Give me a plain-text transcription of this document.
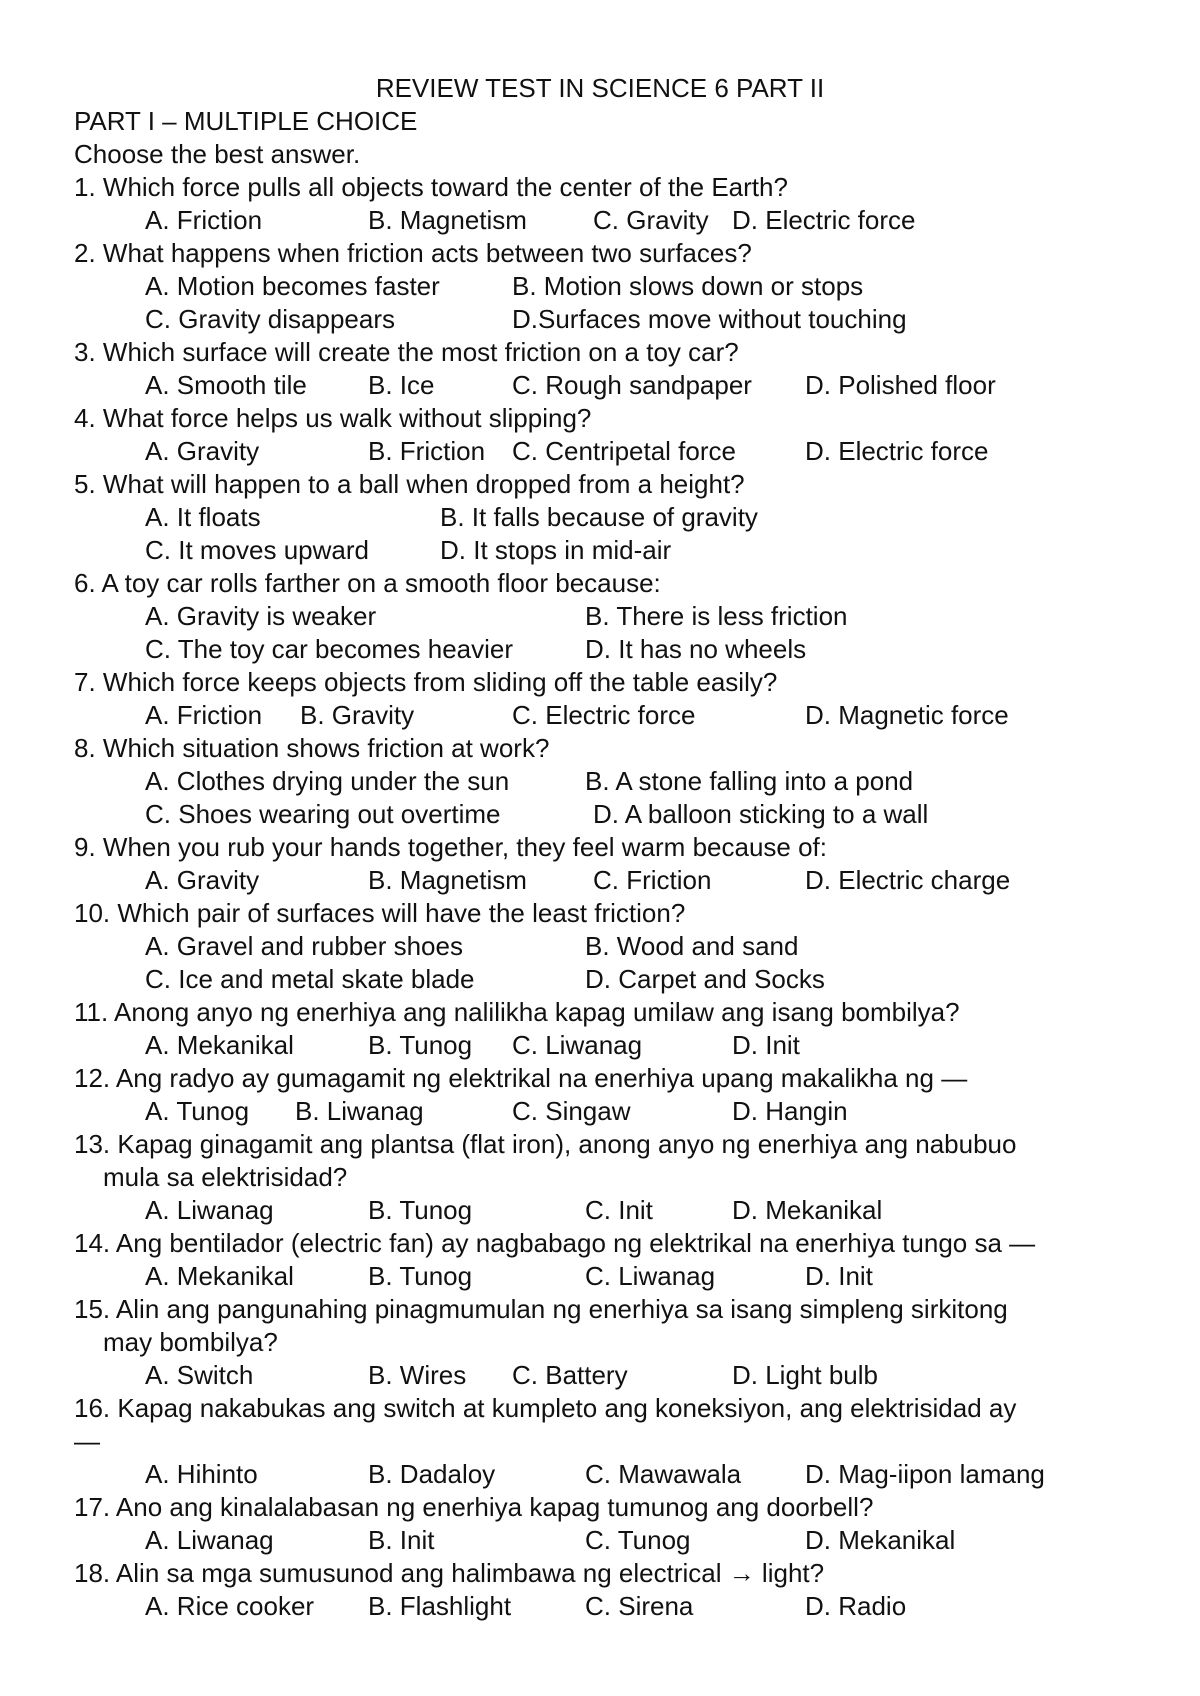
REVIEW TEST IN SCIENCE 6 PART II
PART I – MULTIPLE CHOICE
Choose the best answer.
1. Which force pulls all objects toward the center of the Earth?
A. Friction	B. Magnetism	C. Gravity D. Electric force
2. What happens when friction acts between two surfaces?
A. Motion becomes faster	B. Motion slows down or stops
C. Gravity disappears	D.Surfaces move without touching
3. Which surface will create the most friction on a toy car?
A. Smooth tile B. Ice	C. Rough sandpaper D. Polished floor
4. What force helps us walk without slipping?
A. Gravity	B. Friction C. Centripetal force	D. Electric force
5. What will happen to a ball when dropped from a height?
A. It floats	B. It falls because of gravity
C. It moves upward	D. It stops in mid-air
6. A toy car rolls farther on a smooth floor because:
A. Gravity is weaker	B. There is less friction
C. The toy car becomes heavier	D. It has no wheels
7. Which force keeps objects from sliding off the table easily?
A. Friction B. Gravity	C. Electric force	D. Magnetic force
8. Which situation shows friction at work?
A. Clothes drying under the sun	B. A stone falling into a pond
C. Shoes wearing out overtime	D. A balloon sticking to a wall
9. When you rub your hands together, they feel warm because of:
A. Gravity	B. Magnetism	C. Friction	D. Electric charge
10. Which pair of surfaces will have the least friction?
A. Gravel and rubber shoes	B. Wood and sand
C. Ice and metal skate blade	D. Carpet and Socks
11. Anong anyo ng enerhiya ang nalilikha kapag umilaw ang isang bombilya?
A. Mekanikal	B. Tunog C. Liwanag	D. Init
12. Ang radyo ay gumagamit ng elektrikal na enerhiya upang makalikha ng —
A. Tunog B. Liwanag	C. Singaw	D. Hangin
13. Kapag ginagamit ang plantsa (flat iron), anong anyo ng enerhiya ang nabubuo
mula sa elektrisidad?
A. Liwanag	B. Tunog	C. Init	D. Mekanikal
14. Ang bentilador (electric fan) ay nagbabago ng elektrikal na enerhiya tungo sa —
A. Mekanikal	B. Tunog	C. Liwanag	D. Init
15. Alin ang pangunahing pinagmumulan ng enerhiya sa isang simpleng sirkitong
may bombilya?
A. Switch	B. Wires C. Battery	D. Light bulb
16. Kapag nakabukas ang switch at kumpleto ang koneksiyon, ang elektrisidad ay
—
A. Hihinto	B. Dadaloy	C. Mawawala D. Mag-iipon lamang
17. Ano ang kinalalabasan ng enerhiya kapag tumunog ang doorbell?
A. Liwanag	B. Init	C. Tunog	D. Mekanikal
18. Alin sa mga sumusunod ang halimbawa ng electrical → light?
A. Rice cooker B. Flashlight	C. Sirena	D. Radio
